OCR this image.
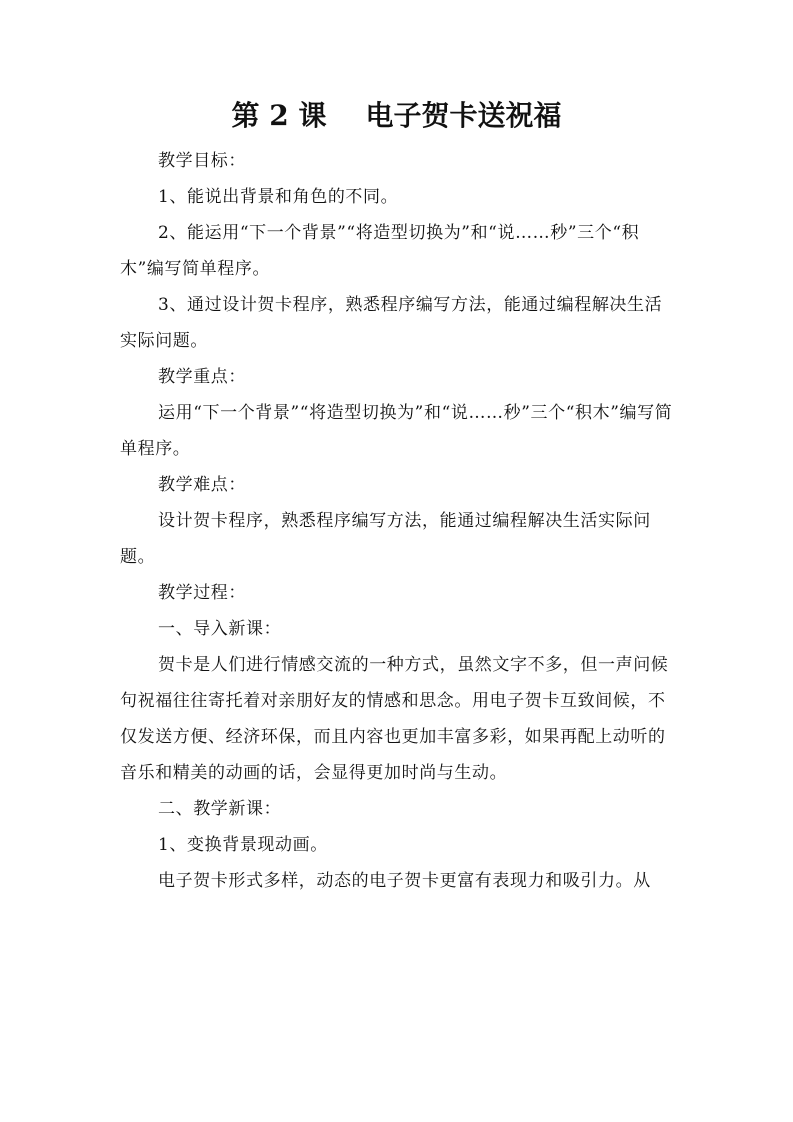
第 2 课    电子贺卡送祝福

教学目标：

1、能说出背景和角色的不同。

2、能运用“下一个背景”“将造型切换为”和“说……秒”三个“积木”编写简单程序。

3、通过设计贺卡程序，熟悉程序编写方法，能通过编程解决生活实际问题。

教学重点：

运用“下一个背景”“将造型切换为”和“说……秒”三个“积木”编写简单程序。

教学难点：

设计贺卡程序，熟悉程序编写方法，能通过编程解决生活实际问题。

教学过程：

一、导入新课：

贺卡是人们进行情感交流的一种方式，虽然文字不多，但一声问候句祝福往往寄托着对亲朋好友的情感和思念。用电子贺卡互致间候，不仅发送方便、经济环保，而且内容也更加丰富多彩，如果再配上动听的音乐和精美的动画的话，会显得更加时尚与生动。

二、教学新课：

1、变换背景现动画。

电子贺卡形式多样，动态的电子贺卡更富有表现力和吸引力。从
